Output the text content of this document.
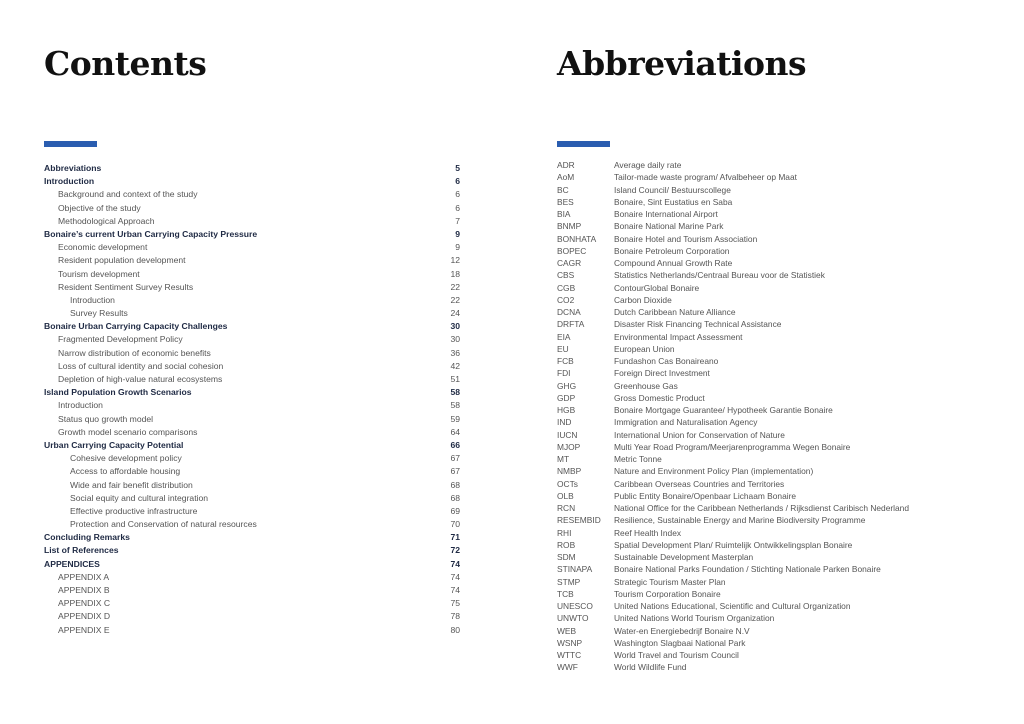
Contents
Abbreviations	5
Introduction	6
Background and context of the study	6
Objective of the study	6
Methodological Approach	7
Bonaire’s current Urban Carrying Capacity Pressure	9
Economic development	9
Resident population development	12
Tourism development	18
Resident Sentiment Survey Results	22
Introduction	22
Survey Results	24
Bonaire Urban Carrying Capacity Challenges	30
Fragmented Development Policy	30
Narrow distribution of economic benefits	36
Loss of cultural identity and social cohesion	42
Depletion of high-value natural ecosystems	51
Island Population Growth Scenarios	58
Introduction	58
Status quo growth model	59
Growth model scenario comparisons	64
Urban Carrying Capacity Potential	66
Cohesive development policy	67
Access to affordable housing	67
Wide and fair benefit distribution	68
Social equity and cultural integration	68
Effective productive infrastructure	69
Protection and Conservation of natural resources	70
Concluding Remarks	71
List of References	72
APPENDICES	74
APPENDIX A	74
APPENDIX B	74
APPENDIX C	75
APPENDIX D	78
APPENDIX E	80
Abbreviations
ADR	Average daily rate
AoM	Tailor-made waste program/ Afvalbeheer op Maat
BC	Island Council/ Bestuurscollege
BES	Bonaire, Sint Eustatius en Saba
BIA	Bonaire International Airport
BNMP	Bonaire National Marine Park
BONHATA Bonaire Hotel and Tourism Association
BOPEC	Bonaire Petroleum Corporation
CAGR	Compound Annual Growth Rate
CBS	Statistics Netherlands/Centraal Bureau voor de Statistiek
CGB	ContourGlobal Bonaire
CO2	Carbon Dioxide
DCNA	Dutch Caribbean Nature Alliance
DRFTA	Disaster Risk Financing Technical Assistance
EIA	Environmental Impact Assessment
EU	European Union
FCB	Fundashon Cas Bonaireano
FDI	Foreign Direct Investment
GHG	Greenhouse Gas
GDP	Gross Domestic Product
HGB	Bonaire Mortgage Guarantee/ Hypotheek Garantie Bonaire
IND	Immigration and Naturalisation Agency
IUCN	International Union for Conservation of Nature
MJOP	Multi Year Road Program/Meerjarenprogramma Wegen Bonaire
MT	Metric Tonne
NMBP	Nature and Environment Policy Plan (implementation)
OCTs	Caribbean Overseas Countries and Territories
OLB	Public Entity Bonaire/Openbaar Lichaam Bonaire
RCN	National Office for the Caribbean Netherlands / Rijksdienst Caribisch Nederland
RESEMBID Resilience, Sustainable Energy and Marine Biodiversity Programme
RHI	Reef Health Index
ROB	Spatial Development Plan/ Ruimtelijk Ontwikkelingsplan Bonaire
SDM	Sustainable Development Masterplan
STINAPA	Bonaire National Parks Foundation / Stichting Nationale Parken Bonaire
STMP	Strategic Tourism Master Plan
TCB	Tourism Corporation Bonaire
UNESCO	United Nations Educational, Scientific and Cultural Organization
UNWTO	United Nations World Tourism Organization
WEB	Water-en Energiebedrijf Bonaire N.V
WSNP	Washington Slagbaai National Park
WTTC	World Travel and Tourism Council
WWF	World Wildlife Fund
